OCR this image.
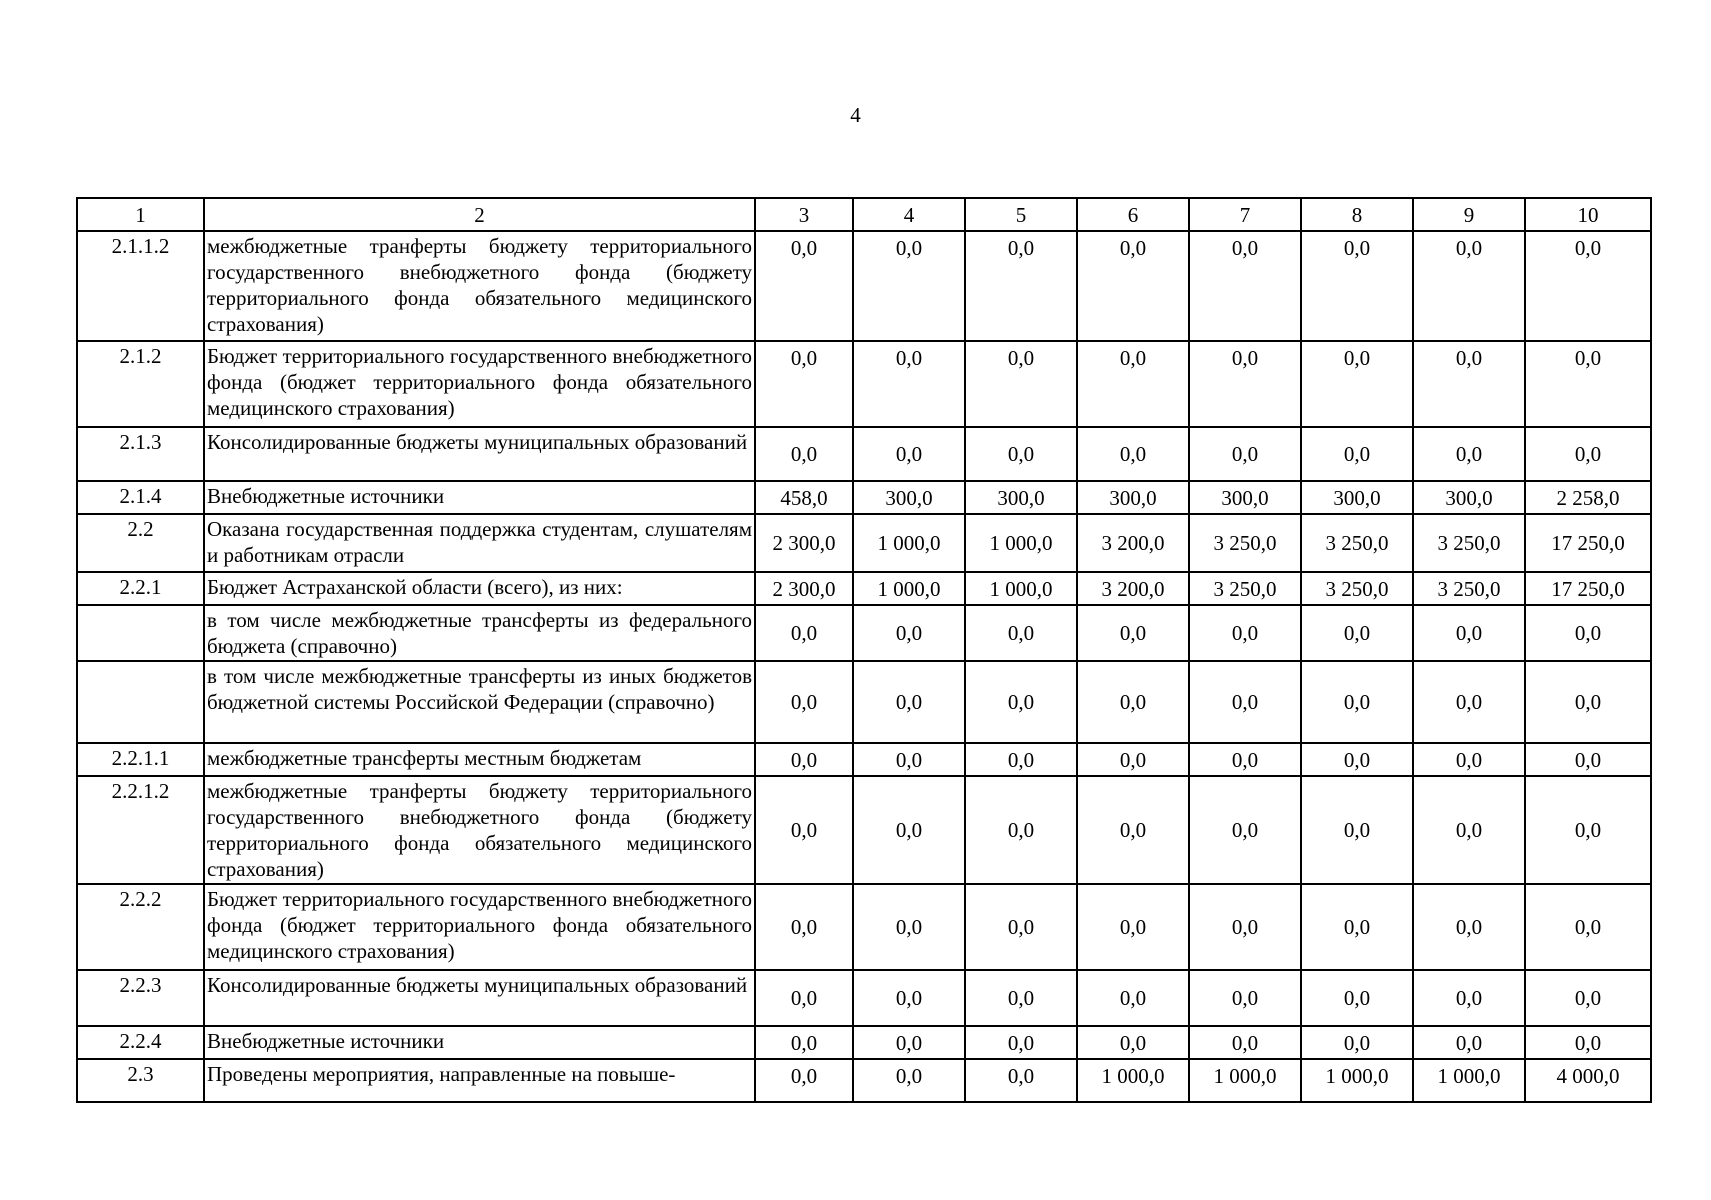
4
1	2	3	4	5	6	7	8	9	10
2.1.1.2	межбюджетные транферты бюджету территориального государственного внебюджетного фонда (бюджету территориального фонда обязательного медицинского страхования)	0,0	0,0	0,0	0,0	0,0	0,0	0,0	0,0
2.1.2	Бюджет территориального государственного внебюджетного фонда (бюджет территориального фонда обязательного медицинского страхования)	0,0	0,0	0,0	0,0	0,0	0,0	0,0	0,0
2.1.3	Консолидированные бюджеты муниципальных образований	0,0	0,0	0,0	0,0	0,0	0,0	0,0	0,0
2.1.4	Внебюджетные источники	458,0	300,0	300,0	300,0	300,0	300,0	300,0	2 258,0
2.2	Оказана государственная поддержка студентам, слушателям и работникам отрасли	2 300,0	1 000,0	1 000,0	3 200,0	3 250,0	3 250,0	3 250,0	17 250,0
2.2.1	Бюджет Астраханской области (всего), из них:	2 300,0	1 000,0	1 000,0	3 200,0	3 250,0	3 250,0	3 250,0	17 250,0
	в том числе межбюджетные трансферты из федерального бюджета (справочно)	0,0	0,0	0,0	0,0	0,0	0,0	0,0	0,0
	в том числе межбюджетные трансферты из иных бюджетов бюджетной системы Российской Федерации (справочно)	0,0	0,0	0,0	0,0	0,0	0,0	0,0	0,0
2.2.1.1	межбюджетные трансферты местным бюджетам	0,0	0,0	0,0	0,0	0,0	0,0	0,0	0,0
2.2.1.2	межбюджетные транферты бюджету территориального государственного внебюджетного фонда (бюджету территориального фонда обязательного медицинского страхования)	0,0	0,0	0,0	0,0	0,0	0,0	0,0	0,0
2.2.2	Бюджет территориального государственного внебюджетного фонда (бюджет территориального фонда обязательного медицинского страхования)	0,0	0,0	0,0	0,0	0,0	0,0	0,0	0,0
2.2.3	Консолидированные бюджеты муниципальных образований	0,0	0,0	0,0	0,0	0,0	0,0	0,0	0,0
2.2.4	Внебюджетные источники	0,0	0,0	0,0	0,0	0,0	0,0	0,0	0,0
2.3	Проведены мероприятия, направленные на повыше-	0,0	0,0	0,0	1 000,0	1 000,0	1 000,0	1 000,0	4 000,0
